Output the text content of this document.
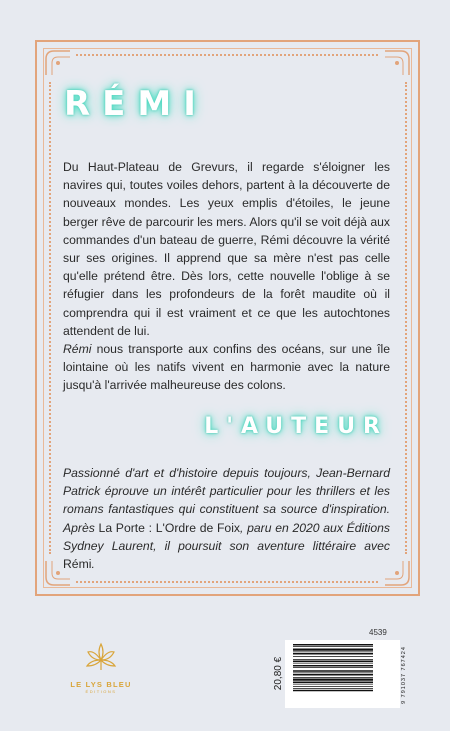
RÉMI

Du Haut-Plateau de Grevurs, il regarde s'éloigner les navires qui, toutes voiles dehors, partent à la découverte de nouveaux mondes. Les yeux emplis d'étoiles, le jeune berger rêve de parcourir les mers. Alors qu'il se voit déjà aux commandes d'un bateau de guerre, Rémi découvre la vérité sur ses origines. Il apprend que sa mère n'est pas celle qu'elle prétend être. Dès lors, cette nouvelle l'oblige à se réfugier dans les profondeurs de la forêt maudite où il comprendra qui il est vraiment et ce que les autochtones attendent de lui.

Rémi nous transporte aux confins des océans, sur une île lointaine où les natifs vivent en harmonie avec la nature jusqu'à l'arrivée malheureuse des colons.

L'AUTEUR
Passionné d'art et d'histoire depuis toujours, Jean-Bernard Patrick éprouve un intérêt particulier pour les thrillers et les romans fantastiques qui constituent sa source d'inspiration. Après La Porte : L'Ordre de Foix, paru en 2020 aux Éditions Sydney Laurent, il poursuit son aventure littéraire avec Rémi.
LE LYS BLEU
ÉDITIONS
4539
20,80 €	9 791037 767424
